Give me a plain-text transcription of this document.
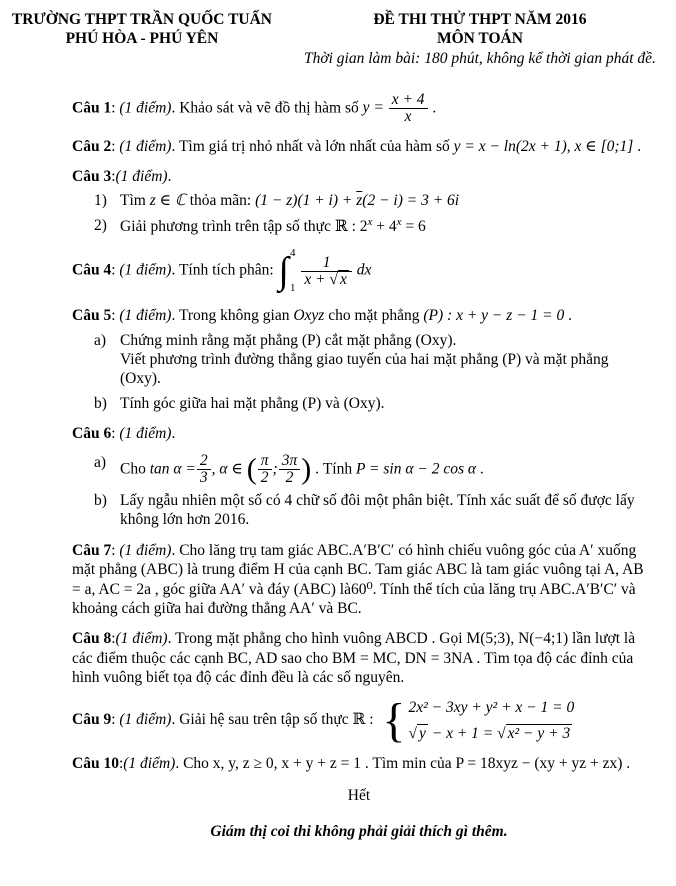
TRƯỜNG THPT TRẦN QUỐC TUẤN
PHÚ HÒA - PHÚ YÊN
ĐỀ THI THỬ THPT NĂM 2016
MÔN TOÁN
Thời gian làm bài: 180 phút, không kể thời gian phát đề.
Câu 1: (1 điểm). Khảo sát và vẽ đồ thị hàm số $y = \frac{x + 4}{x}$ .
Câu 2: (1 điểm). Tìm giá trị nhỏ nhất và lớn nhất của hàm số y = x − ln(2x + 1), x ∈ [0;1] .
Câu 3:(1 điểm).
1) Tìm z ∈ ℂ thỏa mãn: $(1 - z)(1 + i) + \overline{z}(2 - i) = 3 + 6i$
2) Giải phương trình trên tập số thực ℝ : $2^x + 4^x = 6$
Câu 4: (1 điểm). Tính tích phân: ∫ 4
1
$\frac{1}{x + √ x}$ dx
Câu 5: (1 điểm). Trong không gian Oxyz cho mặt phẳng (P) : x + y − z − 1 = 0 .
a) Chứng minh rằng mặt phẳng (P) cắt mặt phẳng (Oxy).
Viết phương trình đường thẳng giao tuyến của hai mặt phẳng (P) và mặt phẳng (Oxy).
b) Tính góc giữa hai mặt phẳng (P) và (Oxy).
Câu 6: (1 điểm).
a) Cho $\tan \alpha = \frac{2}{3}$ , α ∈ ( $\frac{\pi}{2}$ ; $\frac{3\pi}{2}$ ) . Tính P = sin α − 2 cos α .
b) Lấy ngẫu nhiên một số có 4 chữ số đôi một phân biệt. Tính xác suất để số được lấy không lớn hơn 2016.
Câu 7: (1 điểm). Cho lăng trụ tam giác ABC.A′B′C′ có hình chiếu vuông góc của A′ xuống mặt phẳng (ABC) là trung điểm H của cạnh BC. Tam giác ABC là tam giác vuông tại A, AB = a, AC = 2a , góc giữa AA′ và đáy (ABC) là60⁰. Tính thể tích của lăng trụ ABC.A′B′C′ và khoảng cách giữa hai đường thẳng AA′ và BC.
Câu 8:(1 điểm). Trong mặt phẳng cho hình vuông ABCD . Gọi M(5;3), N(−4;1) lần lượt là các điểm thuộc các cạnh BC, AD sao cho BM = MC, DN = 3NA . Tìm tọa độ các đỉnh của hình vuông biết tọa độ các đỉnh đều là các số nguyên.
Câu 9: (1 điểm). Giải hệ sau trên tập số thực ℝ : { 2x² − 3xy + y² + x − 1 = 0
√ y − x + 1 = √ x² − y + 3
Câu 10:(1 điểm). Cho x, y, z ≥ 0, x + y + z = 1 . Tìm min của P = 18xyz − (xy + yz + zx) .
Hết
Giám thị coi thi không phải giải thích gì thêm.
